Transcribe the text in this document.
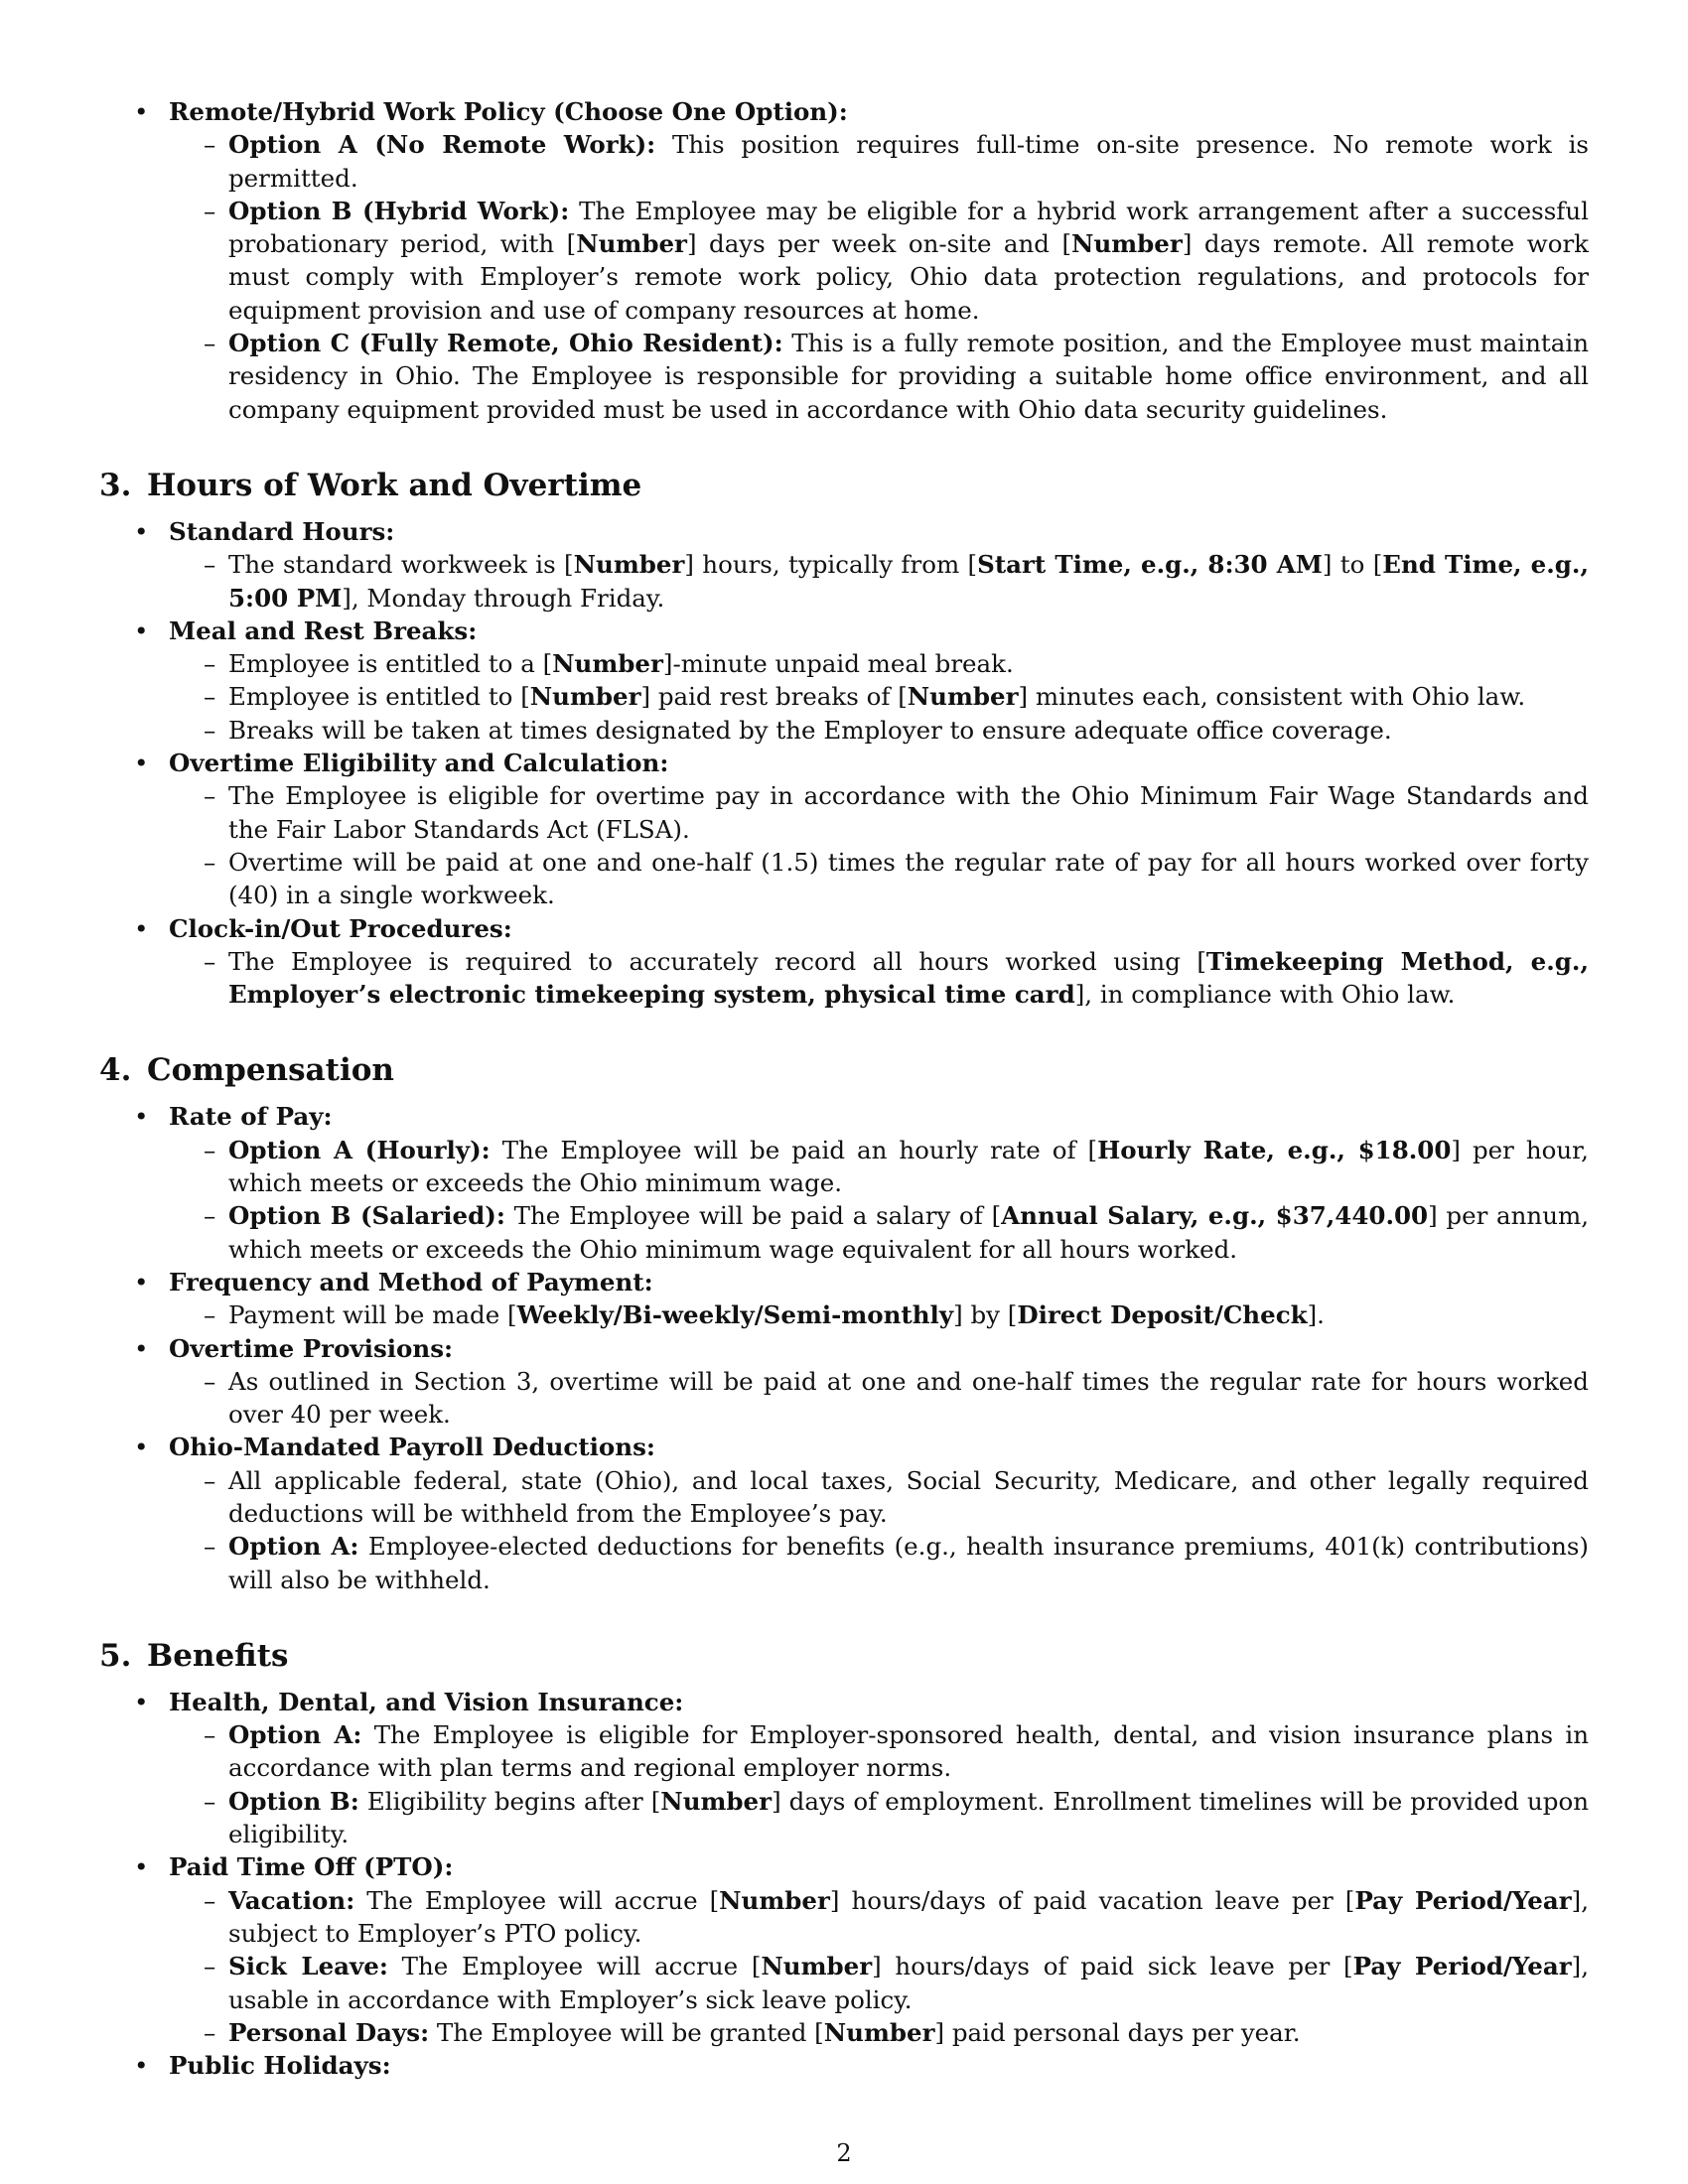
• Remote/Hybrid Work Policy (Choose One Option):
– Option A (No Remote Work): This position requires full-time on-site presence. No remote work is permitted.
– Option B (Hybrid Work): The Employee may be eligible for a hybrid work arrangement after a successful probationary period, with [Number] days per week on-site and [Number] days remote. All remote work must comply with Employer’s remote work policy, Ohio data protection regulations, and protocols for equipment provision and use of company resources at home.
– Option C (Fully Remote, Ohio Resident): This is a fully remote position, and the Employee must maintain residency in Ohio. The Employee is responsible for providing a suitable home office environment, and all company equipment provided must be used in accordance with Ohio data security guidelines.
3. Hours of Work and Overtime
• Standard Hours:
– The standard workweek is [Number] hours, typically from [Start Time, e.g., 8:30 AM] to [End Time, e.g., 5:00 PM], Monday through Friday.
• Meal and Rest Breaks:
– Employee is entitled to a [Number]-minute unpaid meal break.
– Employee is entitled to [Number] paid rest breaks of [Number] minutes each, consistent with Ohio law.
– Breaks will be taken at times designated by the Employer to ensure adequate office coverage.
• Overtime Eligibility and Calculation:
– The Employee is eligible for overtime pay in accordance with the Ohio Minimum Fair Wage Standards and the Fair Labor Standards Act (FLSA).
– Overtime will be paid at one and one-half (1.5) times the regular rate of pay for all hours worked over forty (40) in a single workweek.
• Clock-in/Out Procedures:
– The Employee is required to accurately record all hours worked using [Timekeeping Method, e.g., Employer’s electronic timekeeping system, physical time card], in compliance with Ohio law.
4. Compensation
• Rate of Pay:
– Option A (Hourly): The Employee will be paid an hourly rate of [Hourly Rate, e.g., $18.00] per hour, which meets or exceeds the Ohio minimum wage.
– Option B (Salaried): The Employee will be paid a salary of [Annual Salary, e.g., $37,440.00] per annum, which meets or exceeds the Ohio minimum wage equivalent for all hours worked.
• Frequency and Method of Payment:
– Payment will be made [Weekly/Bi-weekly/Semi-monthly] by [Direct Deposit/Check].
• Overtime Provisions:
– As outlined in Section 3, overtime will be paid at one and one-half times the regular rate for hours worked over 40 per week.
• Ohio-Mandated Payroll Deductions:
– All applicable federal, state (Ohio), and local taxes, Social Security, Medicare, and other legally required deductions will be withheld from the Employee’s pay.
– Option A: Employee-elected deductions for benefits (e.g., health insurance premiums, 401(k) contributions) will also be withheld.
5. Benefits
• Health, Dental, and Vision Insurance:
– Option A: The Employee is eligible for Employer-sponsored health, dental, and vision insurance plans in accordance with plan terms and regional employer norms.
– Option B: Eligibility begins after [Number] days of employment. Enrollment timelines will be provided upon eligibility.
• Paid Time Off (PTO):
– Vacation: The Employee will accrue [Number] hours/days of paid vacation leave per [Pay Period/Year], subject to Employer’s PTO policy.
– Sick Leave: The Employee will accrue [Number] hours/days of paid sick leave per [Pay Period/Year], usable in accordance with Employer’s sick leave policy.
– Personal Days: The Employee will be granted [Number] paid personal days per year.
• Public Holidays:
2
